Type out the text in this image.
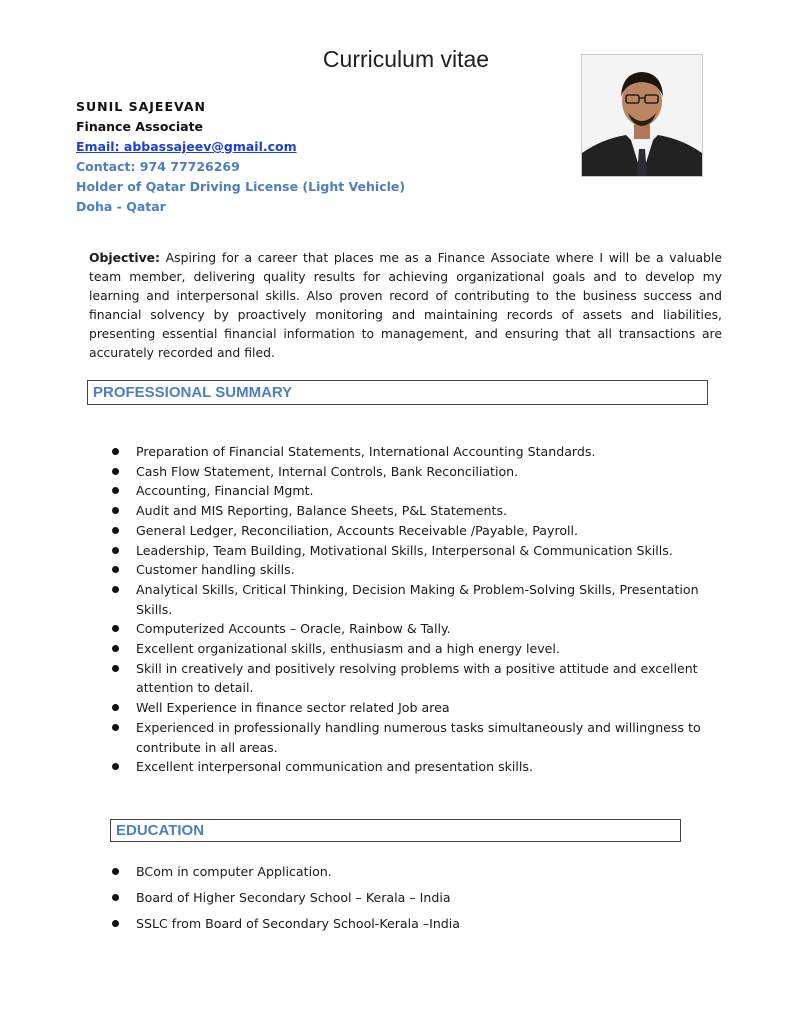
Curriculum vitae
SUNIL SAJEEVAN
Finance Associate
Email: abbassajeev@gmail.com
Contact: 974 77726269
Holder of Qatar Driving License (Light Vehicle)
Doha - Qatar
Objective: Aspiring for a career that places me as a Finance Associate where I will be a valuable team member, delivering quality results for achieving organizational goals and to develop my learning and interpersonal skills. Also proven record of contributing to the business success and financial solvency by proactively monitoring and maintaining records of assets and liabilities, presenting essential financial information to management, and ensuring that all transactions are accurately recorded and filed.
PROFESSIONAL SUMMARY
Preparation of Financial Statements, International Accounting Standards.
Cash Flow Statement, Internal Controls, Bank Reconciliation.
Accounting, Financial Mgmt.
Audit and MIS Reporting, Balance Sheets, P&L Statements.
General Ledger, Reconciliation, Accounts Receivable /Payable, Payroll.
Leadership, Team Building, Motivational Skills, Interpersonal & Communication Skills.
Customer handling skills.
Analytical Skills, Critical Thinking, Decision Making & Problem-Solving Skills, Presentation Skills.
Computerized Accounts – Oracle, Rainbow & Tally.
Excellent organizational skills, enthusiasm and a high energy level.
Skill in creatively and positively resolving problems with a positive attitude and excellent attention to detail.
Well Experience in finance sector related Job area
Experienced in professionally handling numerous tasks simultaneously and willingness to contribute in all areas.
Excellent interpersonal communication and presentation skills.
EDUCATION
BCom in computer Application.
Board of Higher Secondary School – Kerala – India
SSLC from Board of Secondary School-Kerala –India
